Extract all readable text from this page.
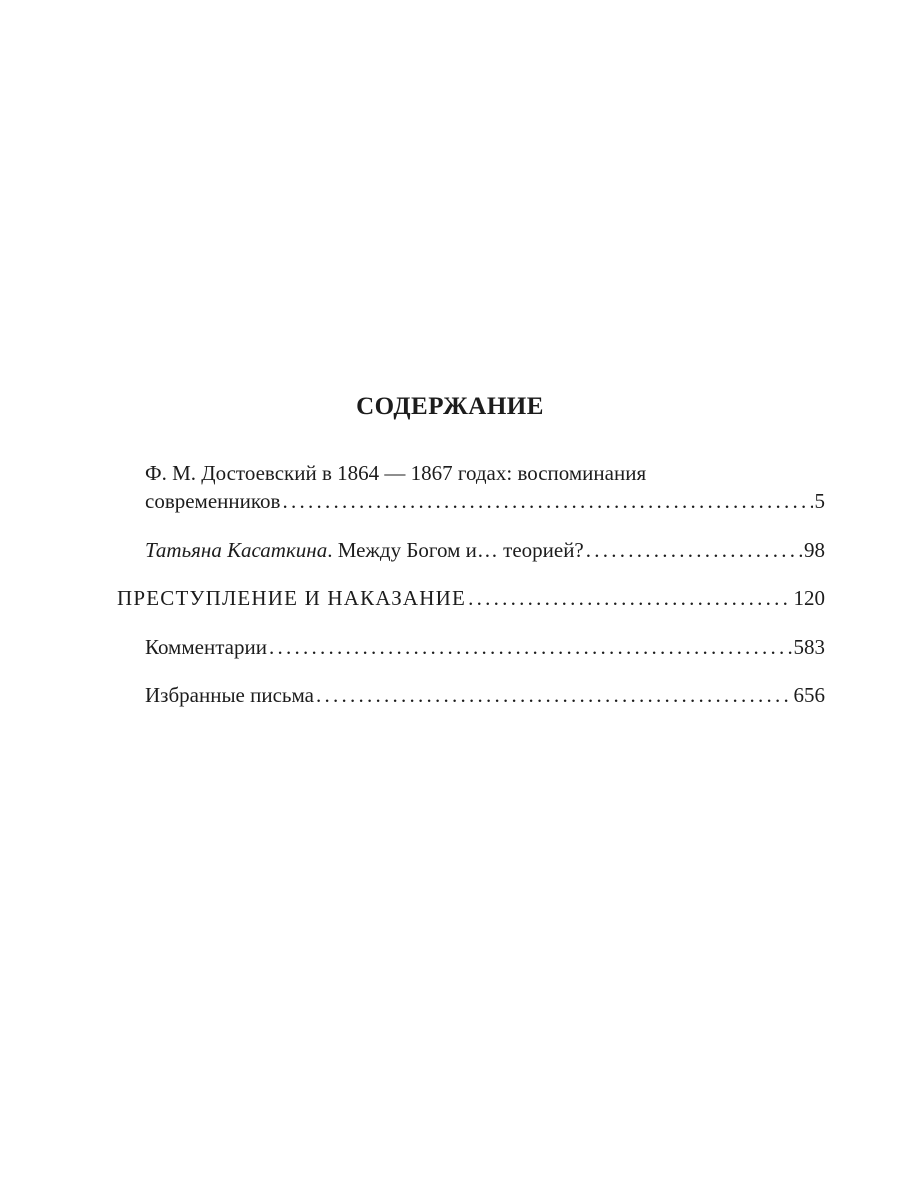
СОДЕРЖАНИЕ
Ф. М. Достоевский в 1864 — 1867 годах: воспоминания
современников . . .	5
Татьяна Касаткина . Между Богом и… теорией? . . .	98
ПРЕСТУПЛЕНИЕ И НАКАЗАНИЕ . . .	120
Комментарии . . .	583
Избранные письма . . .	656
